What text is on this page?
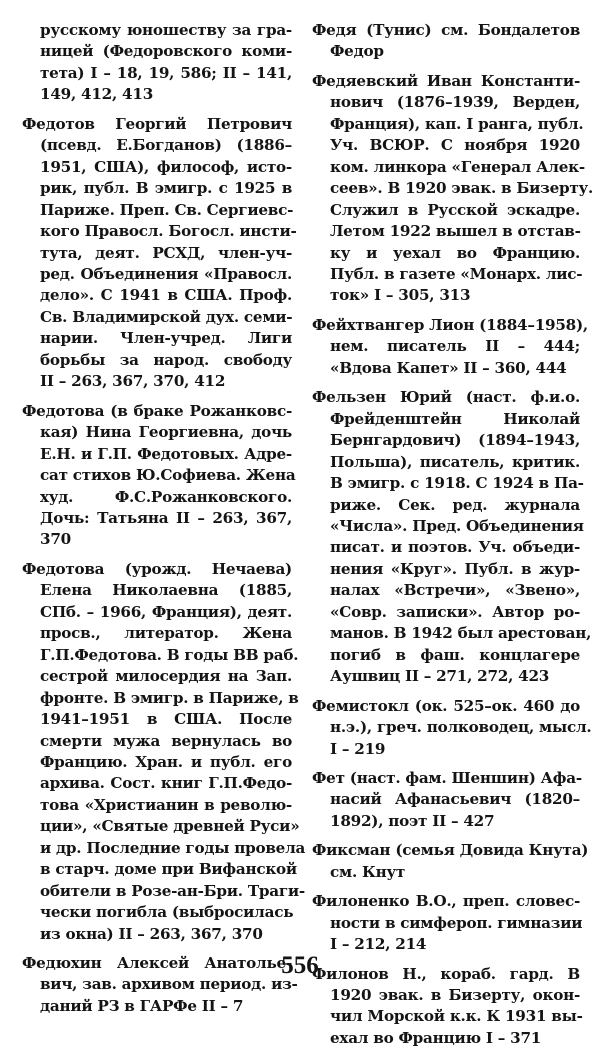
русскому юношеству за гра-
ницей (Федоровского коми-
тета) I – 18, 19, 586; II – 141,
149, 412, 413
Федотов Георгий Петрович
(псевд. Е.Богданов) (1886–
1951, США), философ, исто-
рик, публ. В эмигр. с 1925 в
Париже. Преп. Св. Сергиевс-
кого Правосл. Богосл. инсти-
тута, деят. РСХД, член-уч-
ред. Объединения «Правосл.
дело». С 1941 в США. Проф.
Св. Владимирской дух. семи-
нарии. Член-учред. Лиги
борьбы за народ. свободу
II – 263, 367, 370, 412
Федотова (в браке Рожанковс-
кая) Нина Георгиевна, дочь
Е.Н. и Г.П. Федотовых. Адре-
сат стихов Ю.Софиева. Жена
худ. Ф.С.Рожанковского.
Дочь: Татьяна II – 263, 367,
370
Федотова (урожд. Нечаева)
Елена Николаевна (1885,
СПб. – 1966, Франция), деят.
просв., литератор. Жена
Г.П.Федотова. В годы ВВ раб.
сестрой милосердия на Зап.
фронте. В эмигр. в Париже, в
1941–1951 в США. После
смерти мужа вернулась во
Францию. Хран. и публ. его
архива. Сост. книг Г.П.Федо-
това «Христианин в револю-
ции», «Святые древней Руси»
и др. Последние годы провела
в старч. доме при Вифанской
обители в Розе-ан-Бри. Траги-
чески погибла (выбросилась
из окна) II – 263, 367, 370
Федюхин Алексей Анатолье-
вич, зав. архивом период. из-
даний РЗ в ГАРФе II – 7
Федя (Тунис) см. Бондалетов
Федор
Федяевский Иван Константи-
нович (1876–1939, Верден,
Франция), кап. I ранга, публ.
Уч. ВСЮР. С ноября 1920
ком. линкора «Генерал Алек-
сеев». В 1920 эвак. в Бизерту.
Служил в Русской эскадре.
Летом 1922 вышел в отстав-
ку и уехал во Францию.
Публ. в газете «Монарх. лис-
ток» I – 305, 313
Фейхтвангер Лион (1884–1958),
нем. писатель II – 444;
«Вдова Капет» II – 360, 444
Фельзен Юрий (наст. ф.и.о.
Фрейденштейн Николай
Бернгардович) (1894–1943,
Польша), писатель, критик.
В эмигр. с 1918. С 1924 в Па-
риже. Сек. ред. журнала
«Числа». Пред. Объединения
писат. и поэтов. Уч. объеди-
нения «Круг». Публ. в жур-
налах «Встречи», «Звено»,
«Совр. записки». Автор ро-
манов. В 1942 был арестован,
погиб в фаш. концлагере
Аушвиц II – 271, 272, 423
Фемистокл (ок. 525–ок. 460 до
н.э.), греч. полководец, мысл.
I – 219
Фет (наст. фам. Шеншин) Афа-
насий Афанасьевич (1820–
1892), поэт II – 427
Фиксман (семья Довида Кнута)
см. Кнут
Филоненко В.О., преп. словес-
ности в симфероп. гимназии
I – 212, 214
Филонов Н., кораб. гард. В
1920 эвак. в Бизерту, окон-
чил Морской к.к. К 1931 вы-
ехал во Францию I – 371
556
